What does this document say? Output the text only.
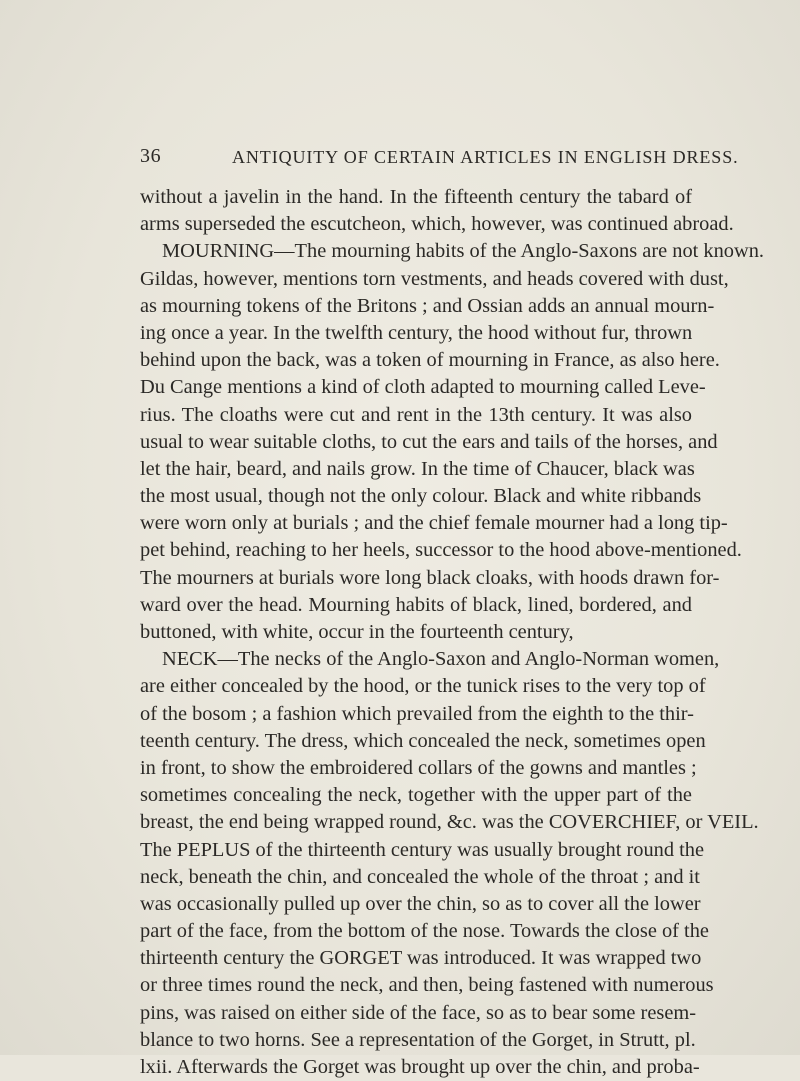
36	ANTIQUITY OF CERTAIN ARTICLES IN ENGLISH DRESS.
without a javelin in the hand. In the fifteenth century the tabard of
arms superseded the escutcheon, which, however, was continued abroad.
MOURNING—The mourning habits of the Anglo-Saxons are not known.
Gildas, however, mentions torn vestments, and heads covered with dust,
as mourning tokens of the Britons ; and Ossian adds an annual mourn-
ing once a year. In the twelfth century, the hood without fur, thrown
behind upon the back, was a token of mourning in France, as also here.
Du Cange mentions a kind of cloth adapted to mourning called Leve-
rius. The cloaths were cut and rent in the 13th century. It was also
usual to wear suitable cloths, to cut the ears and tails of the horses, and
let the hair, beard, and nails grow. In the time of Chaucer, black was
the most usual, though not the only colour. Black and white ribbands
were worn only at burials ; and the chief female mourner had a long tip-
pet behind, reaching to her heels, successor to the hood above-mentioned.
The mourners at burials wore long black cloaks, with hoods drawn for-
ward over the head. Mourning habits of black, lined, bordered, and
buttoned, with white, occur in the fourteenth century,
NECK—The necks of the Anglo-Saxon and Anglo-Norman women,
are either concealed by the hood, or the tunick rises to the very top of
of the bosom ; a fashion which prevailed from the eighth to the thir-
teenth century. The dress, which concealed the neck, sometimes open
in front, to show the embroidered collars of the gowns and mantles ;
sometimes concealing the neck, together with the upper part of the
breast, the end being wrapped round, &c. was the COVERCHIEF, or VEIL.
The PEPLUS of the thirteenth century was usually brought round the
neck, beneath the chin, and concealed the whole of the throat ; and it
was occasionally pulled up over the chin, so as to cover all the lower
part of the face, from the bottom of the nose. Towards the close of the
thirteenth century the GORGET was introduced. It was wrapped two
or three times round the neck, and then, being fastened with numerous
pins, was raised on either side of the face, so as to bear some resem-
blance to two horns. See a representation of the Gorget, in Strutt, pl.
lxii. Afterwards the Gorget was brought up over the chin, and proba-
